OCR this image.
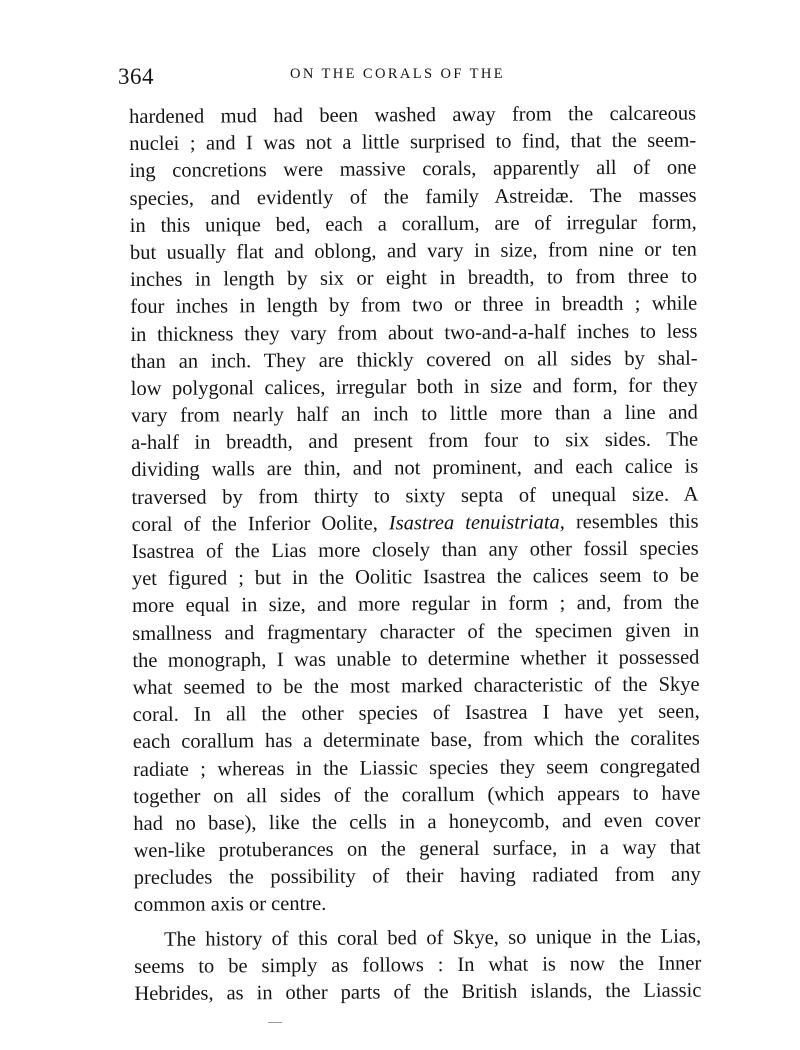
364	ON THE CORALS OF THE
hardened mud had been washed away from the calcareous
nuclei ; and I was not a little surprised to find, that the seem-
ing concretions were massive corals, apparently all of one
species, and evidently of the family Astreidæ. The masses
in this unique bed, each a corallum, are of irregular form,
but usually flat and oblong, and vary in size, from nine or ten
inches in length by six or eight in breadth, to from three to
four inches in length by from two or three in breadth ; while
in thickness they vary from about two-and-a-half inches to less
than an inch. They are thickly covered on all sides by shal-
low polygonal calices, irregular both in size and form, for they
vary from nearly half an inch to little more than a line and
a-half in breadth, and present from four to six sides. The
dividing walls are thin, and not prominent, and each calice is
traversed by from thirty to sixty septa of unequal size. A
coral of the Inferior Oolite, Isastrea tenuistriata, resembles this
Isastrea of the Lias more closely than any other fossil species
yet figured ; but in the Oolitic Isastrea the calices seem to be
more equal in size, and more regular in form ; and, from the
smallness and fragmentary character of the specimen given in
the monograph, I was unable to determine whether it possessed
what seemed to be the most marked characteristic of the Skye
coral. In all the other species of Isastrea I have yet seen,
each corallum has a determinate base, from which the coralites
radiate ; whereas in the Liassic species they seem congregated
together on all sides of the corallum (which appears to have
had no base), like the cells in a honeycomb, and even cover
wen-like protuberances on the general surface, in a way that
precludes the possibility of their having radiated from any
common axis or centre.
The history of this coral bed of Skye, so unique in the Lias,
seems to be simply as follows : In what is now the Inner
Hebrides, as in other parts of the British islands, the Liassic
